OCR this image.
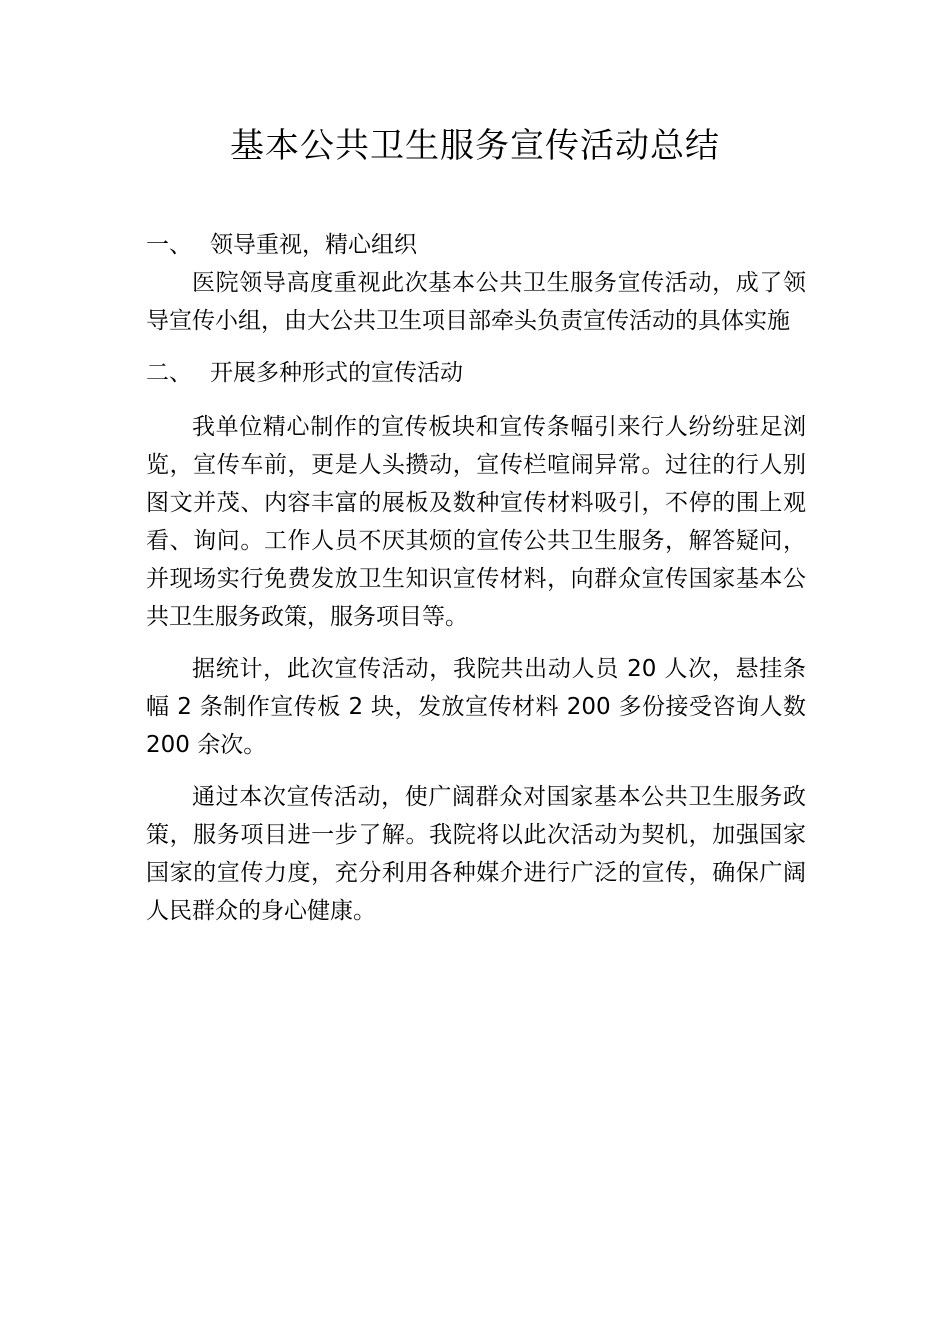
基本公共卫生服务宣传活动总结
一、 领导重视，精心组织

医院领导高度重视此次基本公共卫生服务宣传活动，成了领导宣传小组，由大公共卫生项目部牵头负责宣传活动的具体实施

二、 开展多种形式的宣传活动

我单位精心制作的宣传板块和宣传条幅引来行人纷纷驻足浏览，宣传车前，更是人头攒动，宣传栏喧闹异常。过往的行人别图文并茂、内容丰富的展板及数种宣传材料吸引，不停的围上观看、询问。工作人员不厌其烦的宣传公共卫生服务，解答疑问，并现场实行免费发放卫生知识宣传材料，向群众宣传国家基本公共卫生服务政策，服务项目等。

据统计，此次宣传活动，我院共出动人员 20 人次，悬挂条幅 2 条制作宣传板 2 块，发放宣传材料 200 多份接受咨询人数 200 余次。

通过本次宣传活动，使广阔群众对国家基本公共卫生服务政策，服务项目进一步了解。我院将以此次活动为契机，加强国家国家的宣传力度，充分利用各种媒介进行广泛的宣传，确保广阔人民群众的身心健康。
